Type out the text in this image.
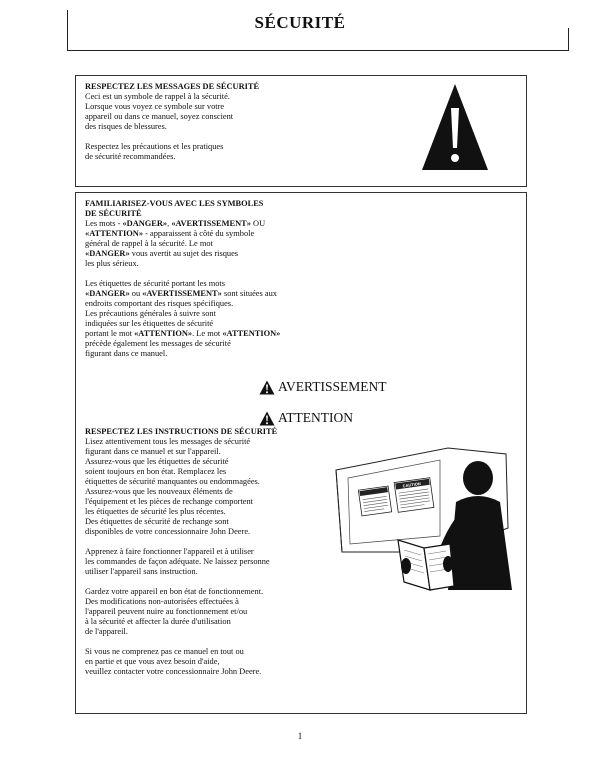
SÉCURITÉ
RESPECTEZ LES MESSAGES DE SÉCURITÉ
Ceci est un symbole de rappel à la sécurité.
Lorsque vous voyez ce symbole sur votre
appareil ou dans ce manuel, soyez conscient
des risques de blessures.
Respectez les précautions et les pratiques
de sécurité recommandées.
FAMILIARISEZ-VOUS AVEC LES SYMBOLES
DE SÉCURITÉ
Les mots - «DANGER», «AVERTISSEMENT» OU
«ATTENTION» - apparaissent à côté du symbole
général de rappel à la sécurité. Le mot
«DANGER» vous avertit au sujet des risques
les plus sérieux.
Les étiquettes de sécurité portant les mots
«DANGER» ou «AVERTISSEMENT» sont situées aux
endroits comportant des risques spécifiques.
Les précautions générales à suivre sont
indiquées sur les étiquettes de sécurité
portant le mot «ATTENTION». Le mot «ATTENTION»
précède également les messages de sécurité
figurant dans ce manuel.
AVERTISSEMENT
ATTENTION
RESPECTEZ LES INSTRUCTIONS DE SÉCURITÉ
Lisez attentivement tous les messages de sécurité
figurant dans ce manuel et sur l'appareil.
Assurez-vous que les étiquettes de sécurité
soient toujours en bon état. Remplacez les
étiquettes de sécurité manquantes ou endommagées.
Assurez-vous que les nouveaux éléments de
l'équipement et les pièces de rechange comportent
les étiquettes de sécurité les plus récentes.
Des étiquettes de sécurité de rechange sont
disponibles de votre concessionnaire John Deere.
Apprenez à faire fonctionner l'appareil et à utiliser
les commandes de façon adéquate. Ne laissez personne
utiliser l'appareil sans instruction.
Gardez votre appareil en bon état de fonctionnement.
Des modifications non-autorisées effectuées à
l'appareil peuvent nuire au fonctionnement et/ou
à la sécurité et affecter la durée d'utilisation
de l'appareil.
Si vous ne comprenez pas ce manuel en tout ou
en partie et que vous avez besoin d'aide,
veuillez contacter votre concessionnaire John Deere.
CAUTION
1
